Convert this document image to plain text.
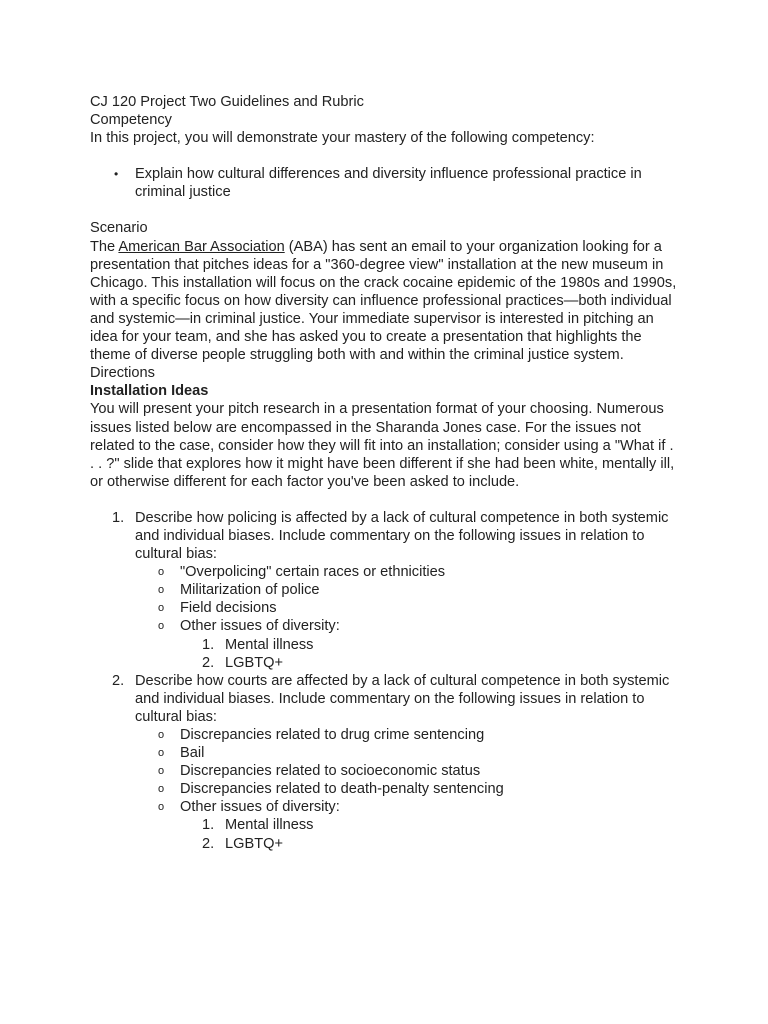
CJ 120 Project Two Guidelines and Rubric
Competency
In this project, you will demonstrate your mastery of the following competency:
• Explain how cultural differences and diversity influence professional practice in criminal justice
Scenario

The American Bar Association (ABA) has sent an email to your organization looking for a presentation that pitches ideas for a "360-degree view" installation at the new museum in Chicago. This installation will focus on the crack cocaine epidemic of the 1980s and 1990s, with a specific focus on how diversity can influence professional practices—both individual and systemic—in criminal justice. Your immediate supervisor is interested in pitching an idea for your team, and she has asked you to create a presentation that highlights the theme of diverse people struggling both with and within the criminal justice system.

Directions
Installation Ideas

You will present your pitch research in a presentation format of your choosing. Numerous issues listed below are encompassed in the Sharanda Jones case. For the issues not related to the case, consider how they will fit into an installation; consider using a "What if . . . ?" slide that explores how it might have been different if she had been white, mentally ill, or otherwise different for each factor you've been asked to include.

1. Describe how policing is affected by a lack of cultural competence in both systemic and individual biases. Include commentary on the following issues in relation to cultural bias:
o "Overpolicing" certain races or ethnicities
o Militarization of police
o Field decisions
o Other issues of diversity:
1. Mental illness
2. LGBTQ+
2. Describe how courts are affected by a lack of cultural competence in both systemic and individual biases. Include commentary on the following issues in relation to cultural bias:
o Discrepancies related to drug crime sentencing
o Bail
o Discrepancies related to socioeconomic status
o Discrepancies related to death-penalty sentencing
o Other issues of diversity:
1. Mental illness
2. LGBTQ+
